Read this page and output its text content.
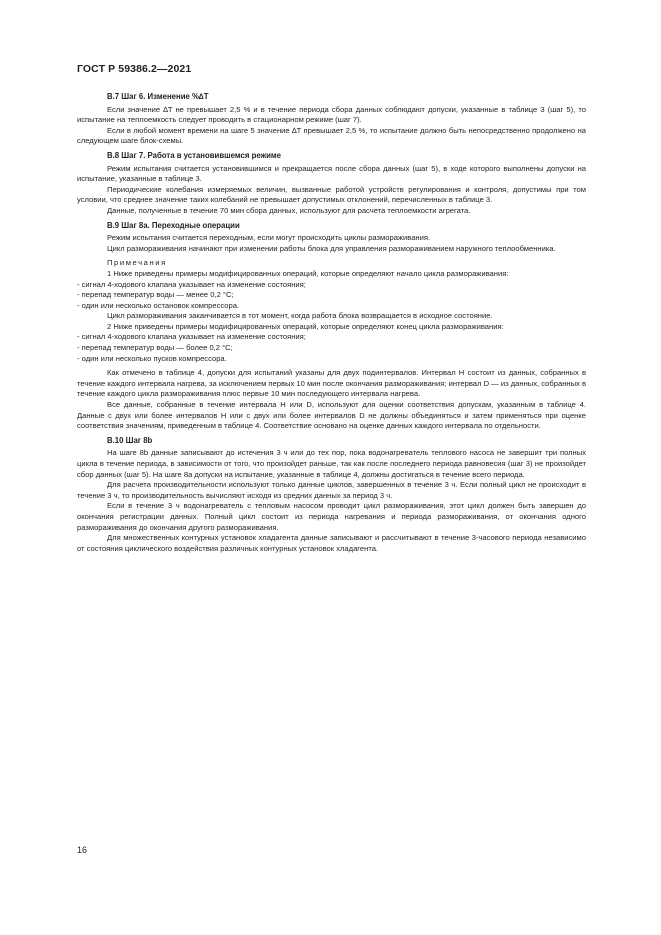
ГОСТ Р 59386.2—2021
В.7 Шаг 6. Изменение %∆T

Если значение ∆T не превышает 2,5 % и в течение периода сбора данных соблюдают допуски, указанные в таблице 3 (шаг 5), то испытание на теплоемкость следует проводить в стационарном режиме (шаг 7).

Если в любой момент времени на шаге 5 значение ∆T превышает 2,5 %, то испытание должно быть непосредственно продолжено на следующем шаге блок-схемы.

В.8 Шаг 7. Работа в установившемся режиме

Режим испытания считается установившимся и прекращается после сбора данных (шаг 5), в ходе которого выполнены допуски на испытание, указанные в таблице 3.

Периодические колебания измеряемых величин, вызванные работой устройств регулирования и контроля, допустимы при том условии, что среднее значение таких колебаний не превышает допустимых отклонений, перечисленных в таблице 3.

Данные, полученные в течение 70 мин сбора данных, используют для расчета теплоемкости агрегата.

В.9 Шаг 8а. Переходные операции

Режим испытания считается переходным, если могут происходить циклы размораживания.

Цикл размораживания начинают при изменении работы блока для управления размораживанием наружного теплообменника.

Примечания

1 Ниже приведены примеры модифицированных операций, которые определяют начало цикла размораживания:

- сигнал 4-ходового клапана указывает на изменение состояния;

- перепад температур воды — менее 0,2 °С;

- один или несколько остановок компрессора.

Цикл размораживания заканчивается в тот момент, когда работа блока возвращается в исходное состояние.

2 Ниже приведены примеры модифицированных операций, которые определяют конец цикла размораживания:

- сигнал 4-ходового клапана указывает на изменение состояния;

- перепад температур воды — более 0,2 °С;

- один или несколько пусков компрессора.

Как отмечено в таблице 4, допуски для испытаний указаны для двух подинтервалов. Интервал H состоит из данных, собранных в течение каждого интервала нагрева, за исключением первых 10 мин после окончания размораживания; интервал D — из данных, собранных в течение каждого цикла размораживания плюс первые 10 мин последующего интервала нагрева.

Все данные, собранные в течение интервала H или D, используют для оценки соответствия допускам, указанным в таблице 4. Данные с двух или более интервалов H или с двух или более интервалов D не должны объединяться и затем применяться при оценке соответствия значениям, приведенным в таблице 4. Соответствие основано на оценке данных каждого интервала по отдельности.

В.10 Шаг 8b

На шаге 8b данные записывают до истечения 3 ч или до тех пор, пока водонагреватель теплового насоса не завершит три полных цикла в течение периода, в зависимости от того, что произойдет раньше, так как после последнего периода равновесия (шаг 3) не произойдет сбор данных (шаг 5). На шаге 8а допуски на испытание, указанные в таблице 4, должны достигаться в течение всего периода.

Для расчета производительности используют только данные циклов, завершенных в течение 3 ч. Если полный цикл не происходит в течение 3 ч, то производительность вычисляют исходя из средних данных за период 3 ч.

Если в течение 3 ч водонагреватель с тепловым насосом проводит цикл размораживания, этот цикл должен быть завершен до окончания регистрации данных. Полный цикл состоит из периода нагревания и периода размораживания, от окончания одного размораживания до окончания другого размораживания.

Для множественных контурных установок хладагента данные записывают и рассчитывают в течение 3-часового периода независимо от состояния циклического воздействия различных контурных установок хладагента.

16
